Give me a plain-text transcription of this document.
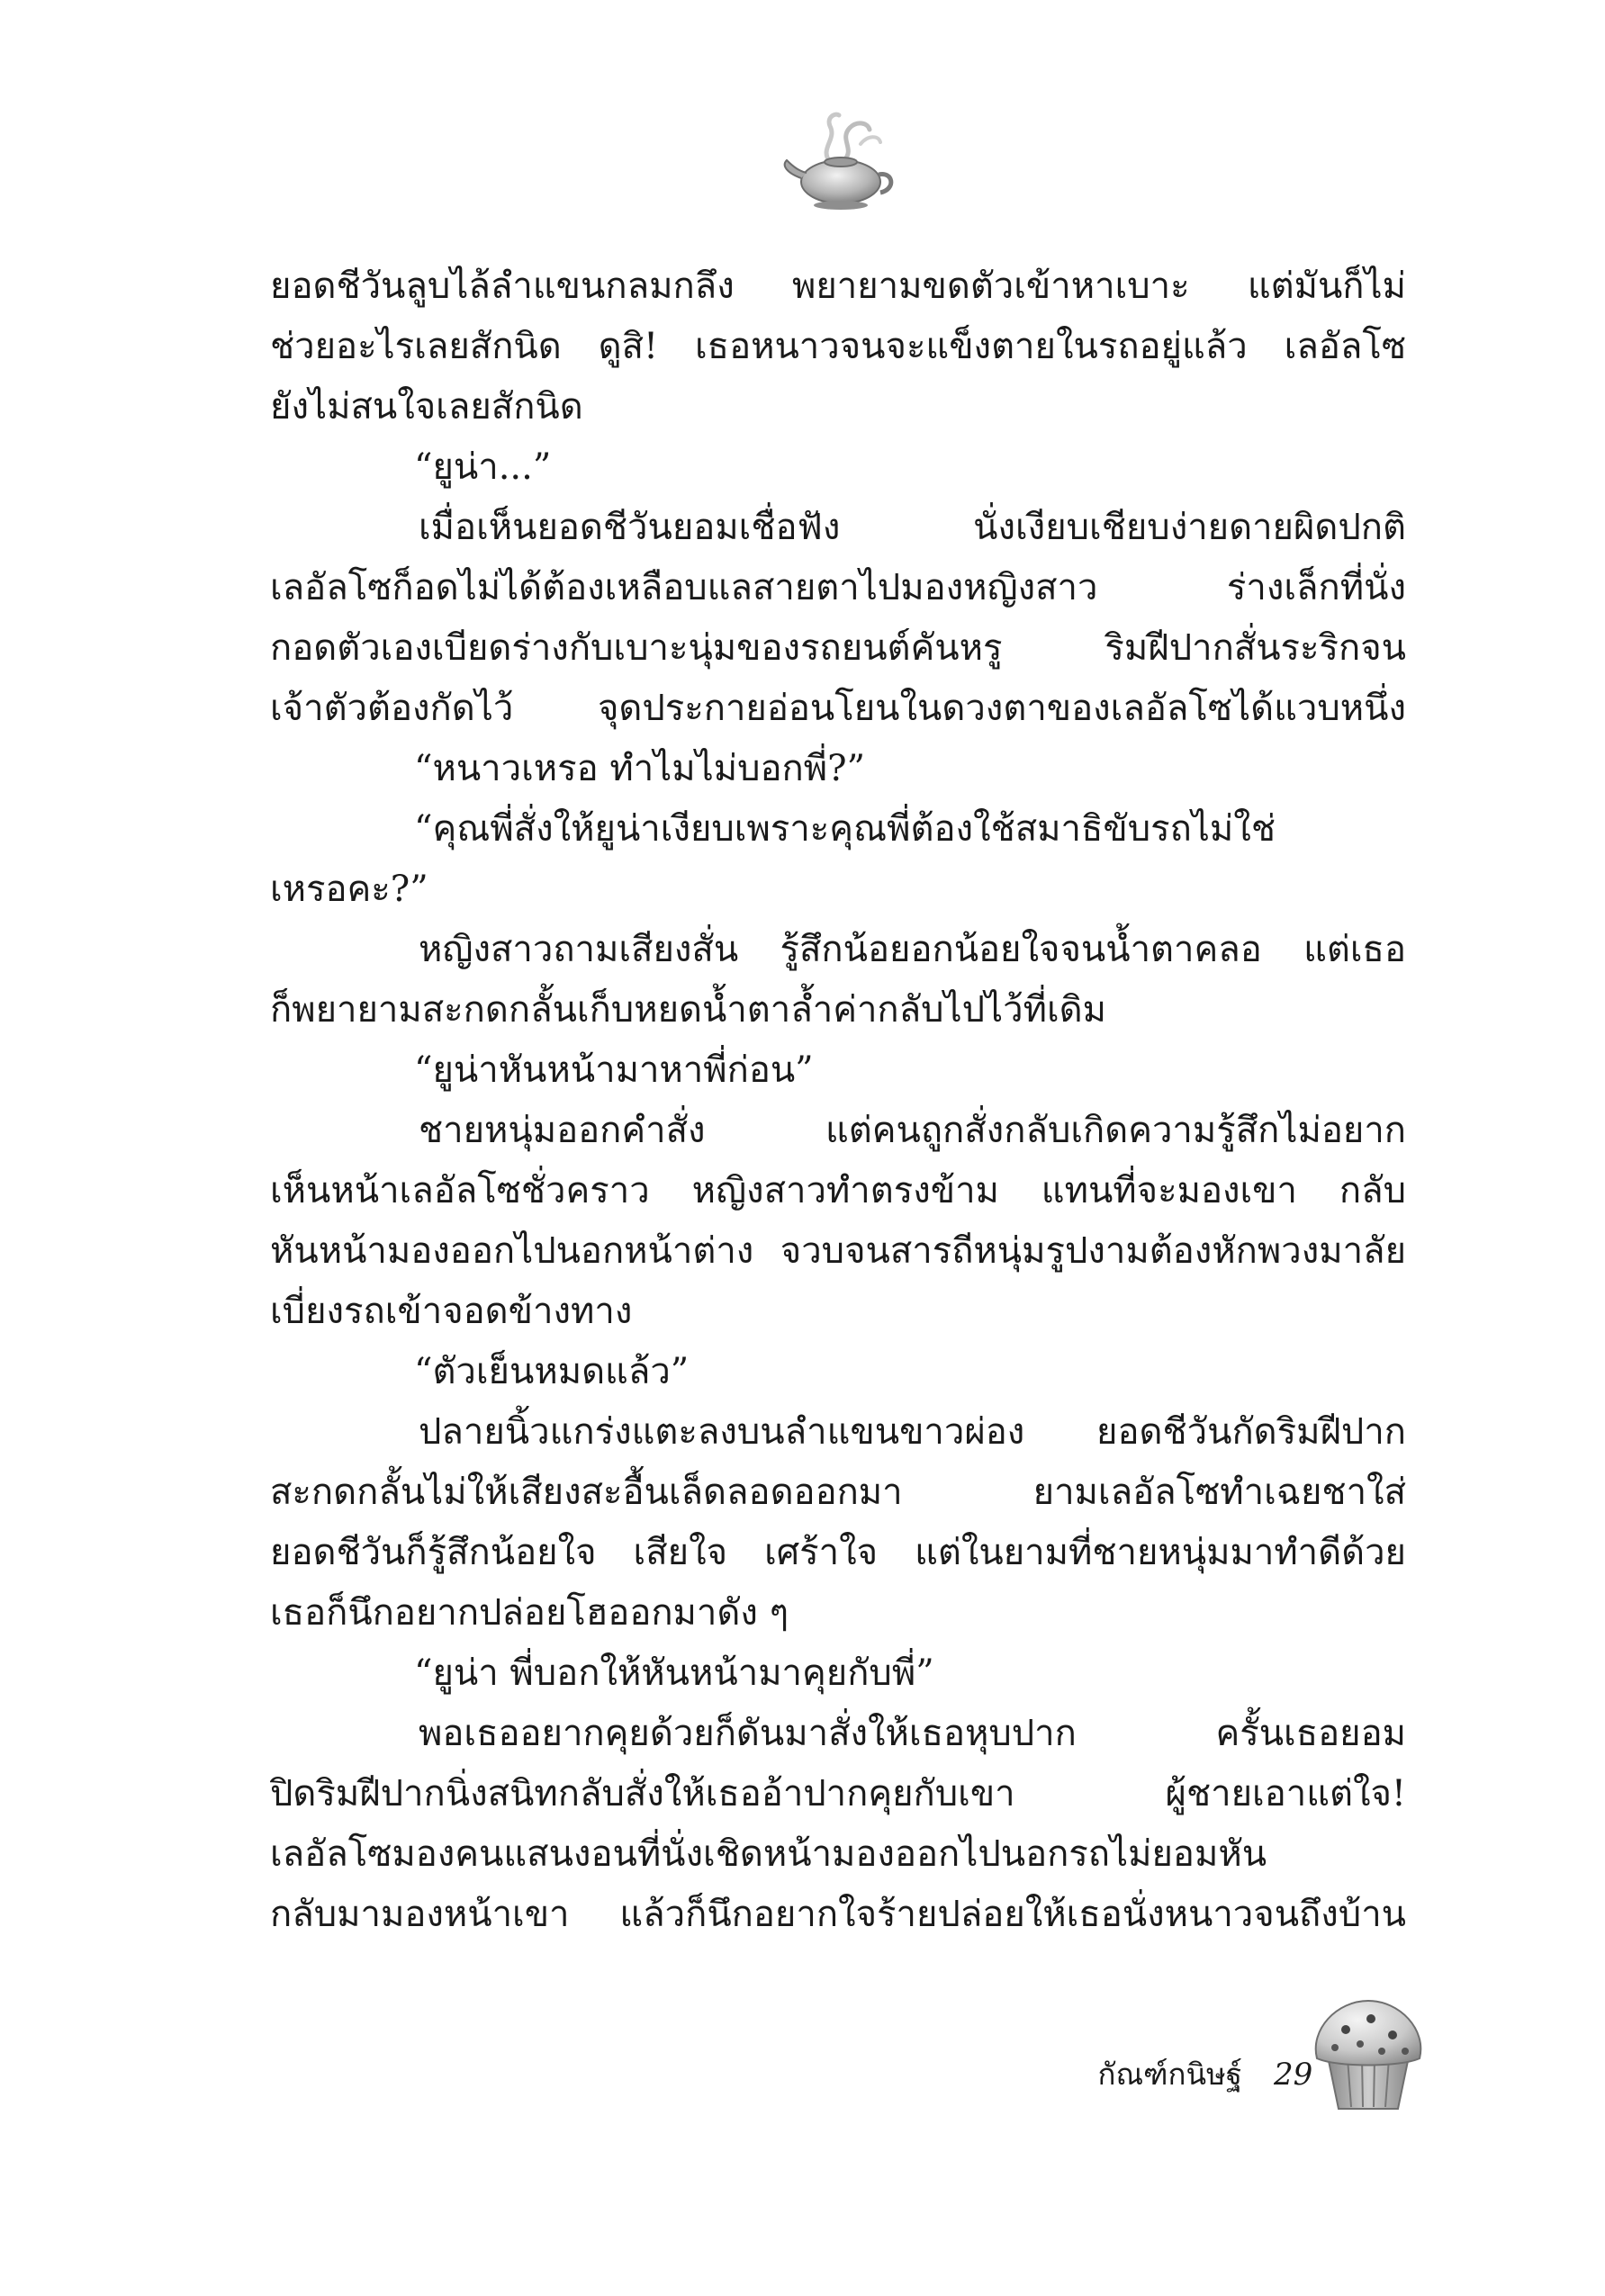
ยอดชีวันลูบไล้ลำแขนกลมกลึง พยายามขดตัวเข้าหาเบาะ แต่มันก็ไม่
ช่วยอะไรเลยสักนิด ดูสิ! เธอหนาวจนจะแข็งตายในรถอยู่แล้ว เลอัลโซ
ยังไม่สนใจเลยสักนิด
“ยูน่า...”
เมื่อเห็นยอดชีวันยอมเชื่อฟัง นั่งเงียบเชียบง่ายดายผิดปกติ
เลอัลโซก็อดไม่ได้ต้องเหลือบแลสายตาไปมองหญิงสาว ร่างเล็กที่นั่ง
กอดตัวเองเบียดร่างกับเบาะนุ่มของรถยนต์คันหรู ริมฝีปากสั่นระริกจน
เจ้าตัวต้องกัดไว้ จุดประกายอ่อนโยนในดวงตาของเลอัลโซได้แวบหนึ่ง
“หนาวเหรอ ทำไมไม่บอกพี่?”
“คุณพี่สั่งให้ยูน่าเงียบเพราะคุณพี่ต้องใช้สมาธิขับรถไม่ใช่
เหรอคะ?”
หญิงสาวถามเสียงสั่น รู้สึกน้อยอกน้อยใจจนน้ำตาคลอ แต่เธอ
ก็พยายามสะกดกลั้นเก็บหยดน้ำตาล้ำค่ากลับไปไว้ที่เดิม
“ยูน่าหันหน้ามาหาพี่ก่อน”
ชายหนุ่มออกคำสั่ง แต่คนถูกสั่งกลับเกิดความรู้สึกไม่อยาก
เห็นหน้าเลอัลโซชั่วคราว หญิงสาวทำตรงข้าม แทนที่จะมองเขา กลับ
หันหน้ามองออกไปนอกหน้าต่าง จวบจนสารถีหนุ่มรูปงามต้องหักพวงมาลัย
เบี่ยงรถเข้าจอดข้างทาง
“ตัวเย็นหมดแล้ว”
ปลายนิ้วแกร่งแตะลงบนลำแขนขาวผ่อง ยอดชีวันกัดริมฝีปาก
สะกดกลั้นไม่ให้เสียงสะอื้นเล็ดลอดออกมา ยามเลอัลโซทำเฉยชาใส่
ยอดชีวันก็รู้สึกน้อยใจ เสียใจ เศร้าใจ แต่ในยามที่ชายหนุ่มมาทำดีด้วย
เธอก็นึกอยากปล่อยโฮออกมาดัง ๆ
“ยูน่า พี่บอกให้หันหน้ามาคุยกับพี่”
พอเธออยากคุยด้วยก็ดันมาสั่งให้เธอหุบปาก ครั้นเธอยอม
ปิดริมฝีปากนิ่งสนิทกลับสั่งให้เธออ้าปากคุยกับเขา ผู้ชายเอาแต่ใจ!
เลอัลโซมองคนแสนงอนที่นั่งเชิดหน้ามองออกไปนอกรถไม่ยอมหัน
กลับมามองหน้าเขา แล้วก็นึกอยากใจร้ายปล่อยให้เธอนั่งหนาวจนถึงบ้าน
กัณฑ์กนิษฐ์ 29
